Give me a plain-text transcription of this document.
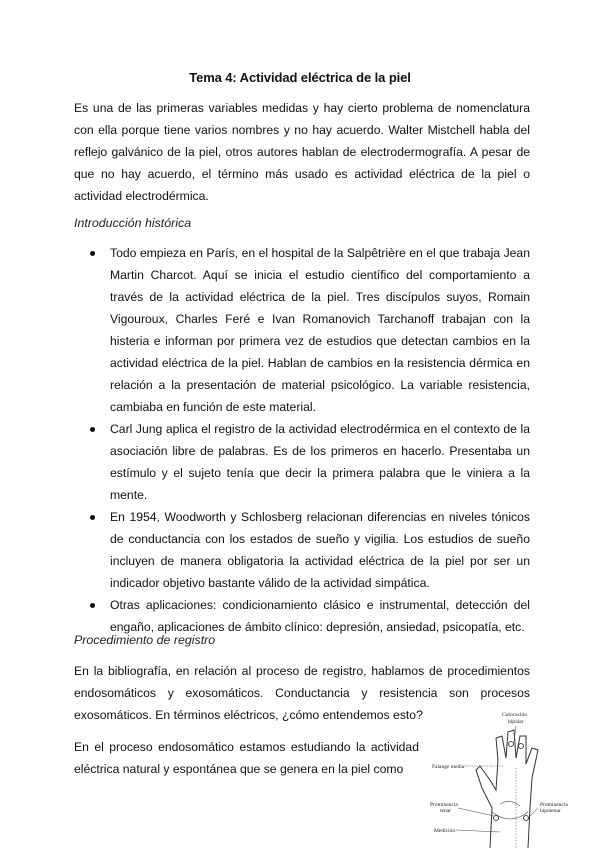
Tema 4: Actividad eléctrica de la piel

Es una de las primeras variables medidas y hay cierto problema de nomenclatura con ella porque tiene varios nombres y no hay acuerdo. Walter Mistchell habla del reflejo galvánico de la piel, otros autores hablan de electrodermografía. A pesar de que no hay acuerdo, el término más usado es actividad eléctrica de la piel o actividad electrodérmica.

Introducción histórica
Todo empieza en París, en el hospital de la Salpêtrière en el que trabaja Jean Martin Charcot. Aquí se inicia el estudio científico del comportamiento a través de la actividad eléctrica de la piel. Tres discípulos suyos, Romain Vigouroux, Charles Feré e Ivan Romanovich Tarchanoff trabajan con la histeria e informan por primera vez de estudios que detectan cambios en la actividad eléctrica de la piel. Hablan de cambios en la resistencia dérmica en relación a la presentación de material psicológico. La variable resistencia, cambiaba en función de este material.
Carl Jung aplica el registro de la actividad electrodérmica en el contexto de la asociación libre de palabras. Es de los primeros en hacerlo. Presentaba un estímulo y el sujeto tenía que decir la primera palabra que le viniera a la mente.
En 1954, Woodworth y Schlosberg relacionan diferencias en niveles tónicos de conductancia con los estados de sueño y vigilia. Los estudios de sueño incluyen de manera obligatoria la actividad eléctrica de la piel por ser un indicador objetivo bastante válido de la actividad simpática.
Otras aplicaciones: condicionamiento clásico e instrumental, detección del engaño, aplicaciones de ámbito clínico: depresión, ansiedad, psicopatía, etc.
Procedimiento de registro

En la bibliografía, en relación al proceso de registro, hablamos de procedimientos endosomáticos y exosomáticos. Conductancia y resistencia son procesos exosomáticos. En términos eléctricos, ¿cómo entendemos esto?

En el proceso endosomático estamos estudiando la actividad eléctrica natural y espontánea que se genera en la piel como

Colocación
bipolar
Falange media
Prominencia
tenar
Medición
Prominencia
hipotenar
